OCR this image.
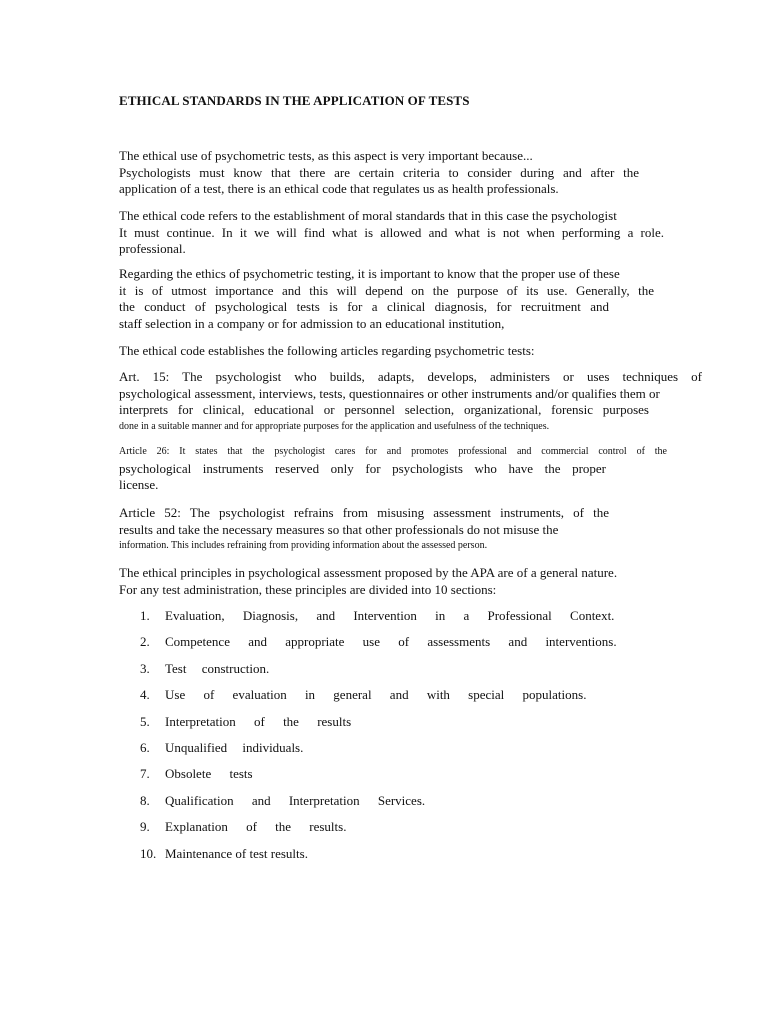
ETHICAL STANDARDS IN THE APPLICATION OF TESTS
The ethical use of psychometric tests, as this aspect is very important because...
Psychologists must know that there are certain criteria to consider during and after the
application of a test, there is an ethical code that regulates us as health professionals.
The ethical code refers to the establishment of moral standards that in this case the psychologist
It must continue. In it we will find what is allowed and what is not when performing a role.
professional.
Regarding the ethics of psychometric testing, it is important to know that the proper use of these
it is of utmost importance and this will depend on the purpose of its use. Generally, the
the conduct of psychological tests is for a clinical diagnosis, for recruitment and
staff selection in a company or for admission to an educational institution,
The ethical code establishes the following articles regarding psychometric tests:
Art. 15: The psychologist who builds, adapts, develops, administers or uses techniques of
psychological assessment, interviews, tests, questionnaires or other instruments and/or qualifies them or
interprets for clinical, educational or personnel selection, organizational, forensic purposes
done in a suitable manner and for appropriate purposes for the application and usefulness of the techniques.
Article 26: It states that the psychologist cares for and promotes professional and commercial control of the
psychological instruments reserved only for psychologists who have the proper
license.
Article 52: The psychologist refrains from misusing assessment instruments, of the
results and take the necessary measures so that other professionals do not misuse the
information. This includes refraining from providing information about the assessed person.
The ethical principles in psychological assessment proposed by the APA are of a general nature.
For any test administration, these principles are divided into 10 sections:
1.	Evaluation, Diagnosis, and Intervention in a Professional Context.
2.	Competence and appropriate use of assessments and interventions.
3.	Test construction.
4.	Use of evaluation in general and with special populations.
5.	Interpretation of the results
6.	Unqualified individuals.
7.	Obsolete tests
8.	Qualification and Interpretation Services.
9.	Explanation of the results.
10. Maintenance of test results.
